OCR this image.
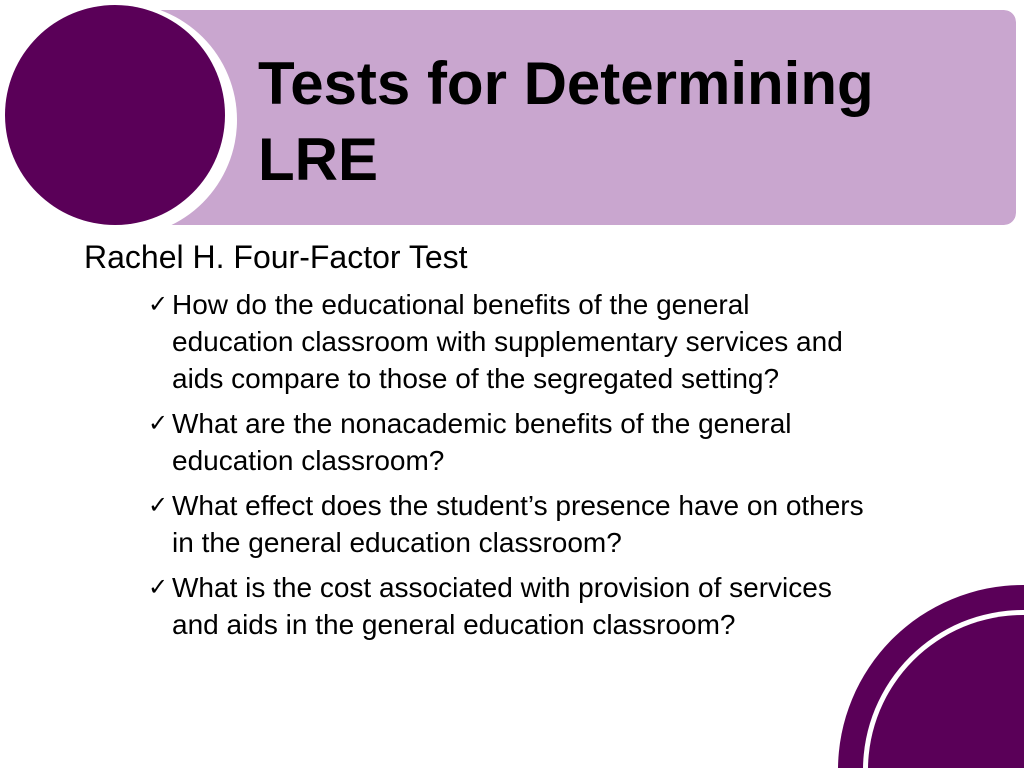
Tests for Determining LRE
Rachel H. Four-Factor Test
✓ How do the educational benefits of the general education classroom with supplementary services and aids compare to those of the segregated setting?
✓ What are the nonacademic benefits of the general education classroom?
✓ What effect does the student’s presence have on others in the general education classroom?
✓ What is the cost associated with provision of services and aids in the general education classroom?
